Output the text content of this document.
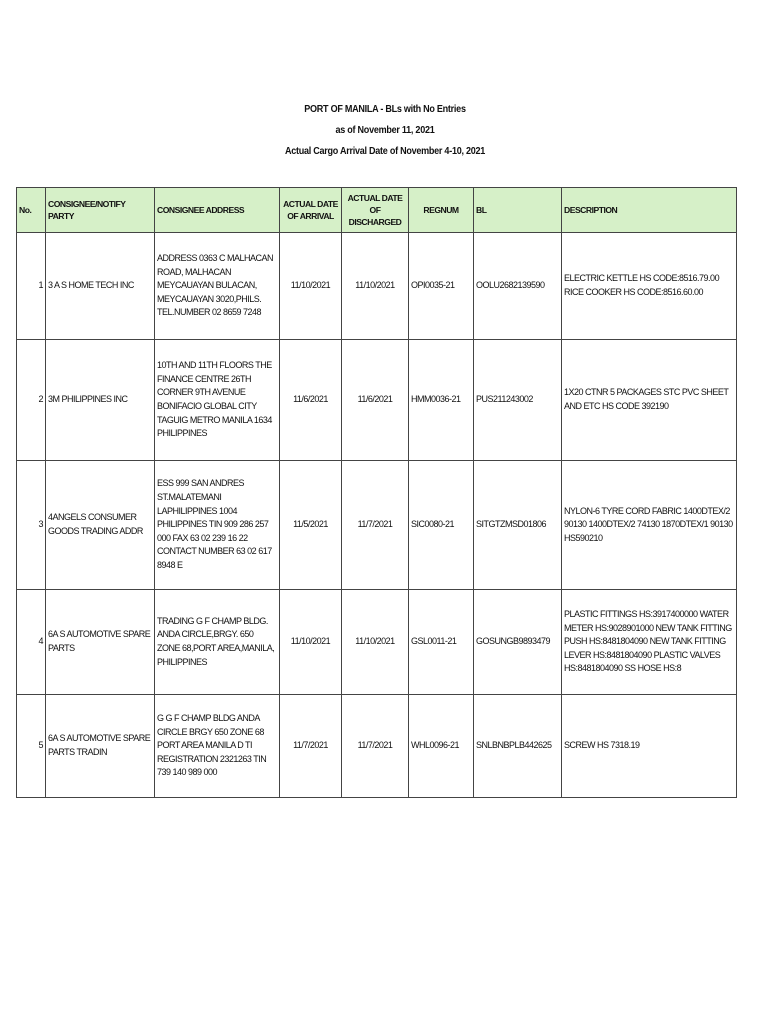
PORT OF MANILA - BLs with No Entries
as of November 11, 2021
Actual Cargo Arrival Date of November 4-10, 2021
No.	CONSIGNEE/NOTIFY PARTY	CONSIGNEE ADDRESS	ACTUAL DATE OF ARRIVAL	ACTUAL DATE OF DISCHARGED	REGNUM	BL	DESCRIPTION
1	3 A S HOME TECH INC	ADDRESS 0363 C MALHACAN ROAD, MALHACAN MEYCAUAYAN BULACAN, MEYCAUAYAN 3020,PHILS. TEL.NUMBER 02 8659 7248	11/10/2021	11/10/2021	OPI0035-21	OOLU2682139590	ELECTRIC KETTLE HS CODE:8516.79.00 RICE COOKER HS CODE:8516.60.00
2	3M PHILIPPINES INC	10TH AND 11TH FLOORS THE FINANCE CENTRE 26TH CORNER 9TH AVENUE BONIFACIO GLOBAL CITY TAGUIG METRO MANILA 1634 PHILIPPINES	11/6/2021	11/6/2021	HMM0036-21	PUS211243002	1X20 CTNR 5 PACKAGES STC PVC SHEET AND ETC HS CODE 392190
3	4ANGELS CONSUMER GOODS TRADING ADDR	ESS 999 SAN ANDRES ST.MALATEMANI LAPHILIPPINES 1004 PHILIPPINES TIN 909 286 257 000 FAX 63 02 239 16 22 CONTACT NUMBER 63 02 617 8948 E	11/5/2021	11/7/2021	SIC0080-21	SITGTZMSD01806	NYLON-6 TYRE CORD FABRIC 1400DTEX/2 90130 1400DTEX/2 74130 1870DTEX/1 90130 HS590210
4	6A S AUTOMOTIVE SPARE PARTS	TRADING G F CHAMP BLDG. ANDA CIRCLE,BRGY. 650 ZONE 68,PORT AREA,MANILA, PHILIPPINES	11/10/2021	11/10/2021	GSL0011-21	GOSUNGB9893479	PLASTIC FITTINGS HS:3917400000 WATER METER HS:9028901000 NEW TANK FITTING PUSH HS:8481804090 NEW TANK FITTING LEVER HS:8481804090 PLASTIC VALVES HS:8481804090 SS HOSE HS:8
5	6A S AUTOMOTIVE SPARE PARTS TRADIN	G G F CHAMP BLDG ANDA CIRCLE BRGY 650 ZONE 68 PORT AREA MANILA D TI REGISTRATION 2321263 TIN 739 140 989 000	11/7/2021	11/7/2021	WHL0096-21	SNLBNBPLB442625	SCREW HS 7318.19
